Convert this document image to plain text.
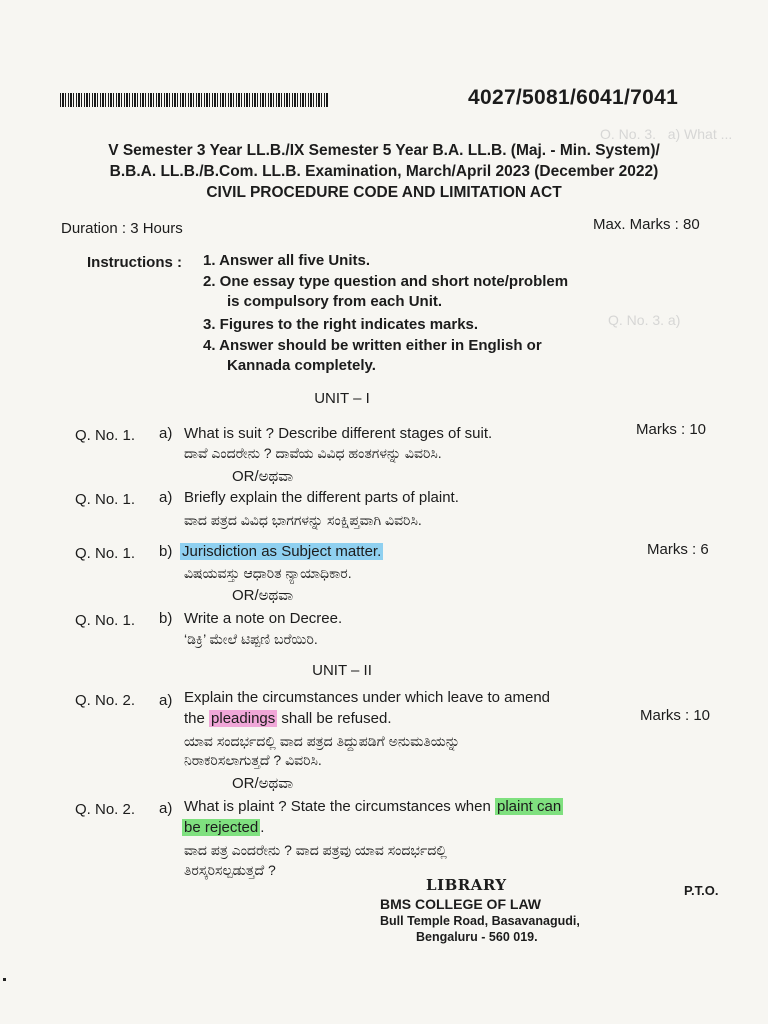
O. No. 3.   a) What ...
Q. No. 3. a)
4027/5081/6041/7041
V Semester 3 Year LL.B./IX Semester 5 Year B.A. LL.B. (Maj. - Min. System)/
B.B.A. LL.B./B.Com. LL.B. Examination, March/April 2023 (December 2022)
CIVIL PROCEDURE CODE AND LIMITATION ACT
Duration : 3 Hours	Max. Marks : 80
Instructions : 1. Answer all five Units.
2. One essay type question and short note/problem
is compulsory from each Unit.
3. Figures to the right indicates marks.
4. Answer should be written either in English or
Kannada completely.
UNIT – I
Q. No. 1. a) What is suit ? Describe different stages of suit.	Marks : 10
ದಾವೆ ಎಂದರೇನು ? ದಾವೆಯ ವಿವಿಧ ಹಂತಗಳನ್ನು ವಿವರಿಸಿ.
OR/ಅಥವಾ
Q. No. 1. a) Briefly explain the different parts of plaint.
ವಾದ ಪತ್ರದ ವಿವಿಧ ಭಾಗಗಳನ್ನು ಸಂಕ್ಷಿಪ್ತವಾಗಿ ವಿವರಿಸಿ.
Q. No. 1. b) Jurisdiction as Subject matter.	Marks : 6
ವಿಷಯವಸ್ತು ಆಧಾರಿತ ನ್ಯಾಯಾಧಿಕಾರ.
OR/ಅಥವಾ
Q. No. 1. b) Write a note on Decree.
‘ಡಿಕ್ರಿ’ ಮೇಲೆ ಟಿಪ್ಪಣಿ ಬರೆಯಿರಿ.
UNIT – II
Q. No. 2. a) Explain the circumstances under which leave to amend
the pleadings shall be refused.	Marks : 10
ಯಾವ ಸಂದರ್ಭದಲ್ಲಿ ವಾದ ಪತ್ರದ ತಿದ್ದುಪಡಿಗೆ ಅನುಮತಿಯನ್ನು
ನಿರಾಕರಿಸಲಾಗುತ್ತದೆ ? ವಿವರಿಸಿ.
OR/ಅಥವಾ
Q. No. 2. a) What is plaint ? State the circumstances when plaint can
be rejected .
ವಾದ ಪತ್ರ ಎಂದರೇನು ? ವಾದ ಪತ್ರವು ಯಾವ ಸಂದರ್ಭದಲ್ಲಿ
ತಿರಸ್ಕರಿಸಲ್ಪಡುತ್ತದೆ ?
LIBRARY
BMS COLLEGE OF LAW
Bull Temple Road, Basavanagudi,
Bengaluru - 560 019.
P.T.O.
